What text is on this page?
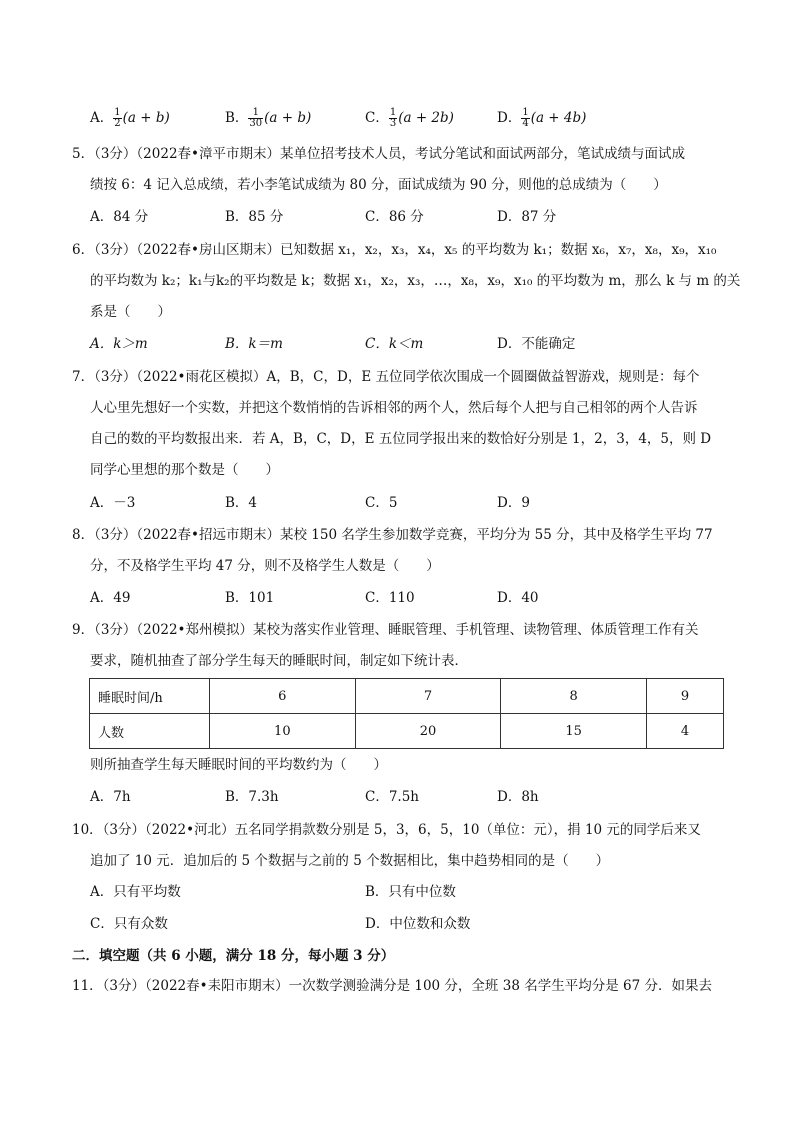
A． $\frac{1}{2} (a + b)$	B． $\frac{1}{30} (a + b)$	C． $\frac{1}{3} (a + 2b)$	D． $\frac{1}{4} (a + 4b)$
5．（3分）（2022春•漳平市期末）某单位招考技术人员，考试分笔试和面试两部分，笔试成绩与面试成
绩按 6：4 记入总成绩，若小李笔试成绩为 80 分，面试成绩为 90 分，则他的总成绩为（　　）
A．84 分	B．85 分	C．86 分	D．87 分
6．（3分）（2022春•房山区期末）已知数据 x₁，x₂，x₃，x₄，x₅ 的平均数为 k₁；数据 x₆，x₇，x₈，x₉，x₁₀
的平均数为 k₂；k₁与k₂的平均数是 k；数据 x₁，x₂，x₃，…，x₈，x₉，x₁₀ 的平均数为 m，那么 k 与 m 的关
系是（　　）
A．k＞m	B．k＝m	C．k＜m	D．不能确定
7．（3分）（2022•雨花区模拟）A，B，C，D，E 五位同学依次围成一个圆圈做益智游戏，规则是：每个
人心里先想好一个实数，并把这个数悄悄的告诉相邻的两个人，然后每个人把与自己相邻的两个人告诉
自己的数的平均数报出来．若 A，B，C，D，E 五位同学报出来的数恰好分别是 1，2，3，4，5，则 D
同学心里想的那个数是（　　）
A．－3	B．4	C．5	D．9
8．（3分）（2022春•招远市期末）某校 150 名学生参加数学竞赛，平均分为 55 分，其中及格学生平均 77
分，不及格学生平均 47 分，则不及格学生人数是（　　）
A．49	B．101	C．110	D．40
9．（3分）（2022•郑州模拟）某校为落实作业管理、睡眠管理、手机管理、读物管理、体质管理工作有关
要求，随机抽查了部分学生每天的睡眠时间，制定如下统计表．
睡眠时间/h	6	7	8	9
人数	10	20	15	4
则所抽查学生每天睡眠时间的平均数约为（　　）
A．7h	B．7.3h	C．7.5h	D．8h
10．（3分）（2022•河北）五名同学捐款数分别是 5，3，6，5，10（单位：元），捐 10 元的同学后来又
追加了 10 元．追加后的 5 个数据与之前的 5 个数据相比，集中趋势相同的是（　　）
A．只有平均数	B．只有中位数
C．只有众数	D．中位数和众数
二．填空题（共 6 小题，满分 18 分，每小题 3 分）
11．（3分）（2022春•耒阳市期末）一次数学测验满分是 100 分，全班 38 名学生平均分是 67 分．如果去
